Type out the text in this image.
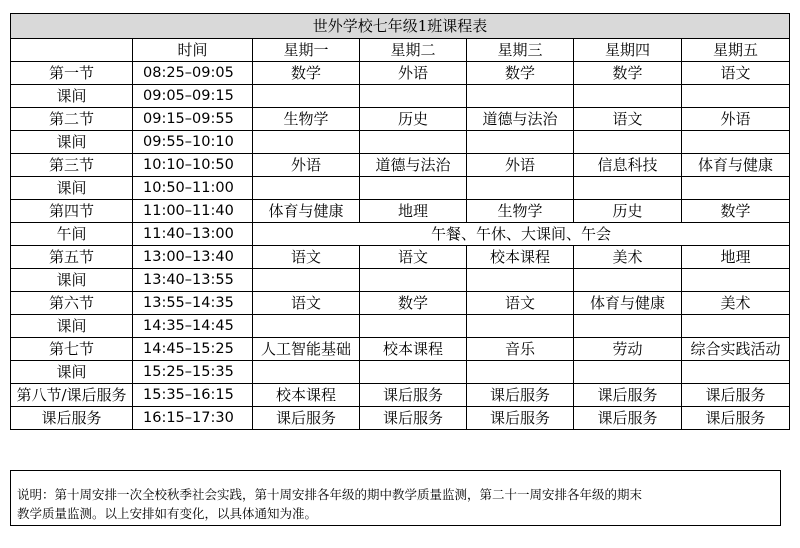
世外学校七年级1班课程表						
	时间	星期一	星期二	星期三	星期四	星期五
第一节	08:25–09:05	数学	外语	数学	数学	语文
课间	09:05–09:15					
第二节	09:15–09:55	生物学	历史	道德与法治	语文	外语
课间	09:55–10:10					
第三节	10:10–10:50	外语	道德与法治	外语	信息科技	体育与健康
课间	10:50–11:00					
第四节	11:00–11:40	体育与健康	地理	生物学	历史	数学
午间	11:40–13:00	午餐、午休、大课间、午会				
第五节	13:00–13:40	语文	语文	校本课程	美术	地理
课间	13:40–13:55					
第六节	13:55–14:35	语文	数学	语文	体育与健康	美术
课间	14:35–14:45					
第七节	14:45–15:25	人工智能基础	校本课程	音乐	劳动	综合实践活动
课间	15:25–15:35					
第八节/课后服务	15:35–16:15	校本课程	课后服务	课后服务	课后服务	课后服务
课后服务	16:15–17:30	课后服务	课后服务	课后服务	课后服务	课后服务
说明：第十周安排一次全校秋季社会实践，第十周安排各年级的期中教学质量监测，第二十一周安排各年级的期末
教学质量监测。以上安排如有变化，以具体通知为准。
